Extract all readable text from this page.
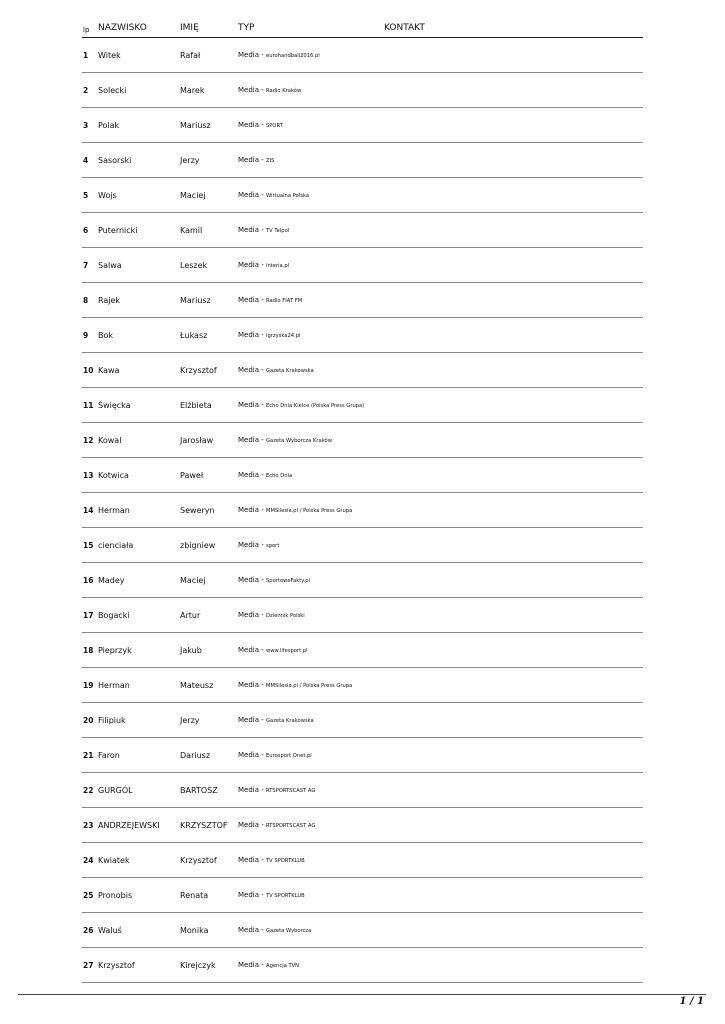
lp NAZWISKO	IMIĘ	TYP	KONTAKT
1 Witek	Rafał	Media - eurohandball2016.pl
2 Solecki	Marek	Media - Radio Kraków
3 Polak	Mariusz	Media - SPORT
4 Sasorski	Jerzy	Media - ZIS
5 Wojs	Maciej	Media - Wirtualna Polska
6 Puternicki	Kamil	Media - TV Telpol
7 Salwa	Leszek	Media - interia.pl
8 Rajek	Mariusz	Media - Radio FIAT FM
9 Bok	Łukasz	Media - igrzyska24.pl
10 Kawa	Krzysztof	Media - Gazeta Krakowska
11 Święcka	Elżbieta	Media - Echo Dnia Kielce (Polska Press Grupa)
12 Kowal	Jarosław	Media - Gazeta Wyborcza Kraków
13 Kotwica	Paweł	Media - Echo Dnia
14 Herman	Seweryn	Media - MMSilesia.pl / Polska Press Grupa
15 cienciała	zbigniew	Media - sport
16 Madey	Maciej	Media - SportoweFakty.pl
17 Bogacki	Artur	Media - Dziennik Polski
18 Pieprzyk	Jakub	Media - www.lifesport.pl
19 Herman	Mateusz	Media - MMSilesia.pl / Polska Press Grupa
20 Filipiuk	Jerzy	Media - Gazeta Krakowska
21 Faron	Dariusz	Media - Eurosport.Onet.pl
22 GURGÓL	BARTOSZ	Media - RTSPORTSCAST AG
23 ANDRZEJEWSKI	KRZYSZTOF Media - RTSPORTSCAST AG
24 Kwiatek	Krzysztof	Media - TV SPORTKLUB
25 Pronobis	Renata	Media - TV SPORTKLUB
26 Waluś	Monika	Media - Gazeta Wyborcza
27 Krzysztof	Kirejczyk	Media - Agencja TVN
1 / 1
